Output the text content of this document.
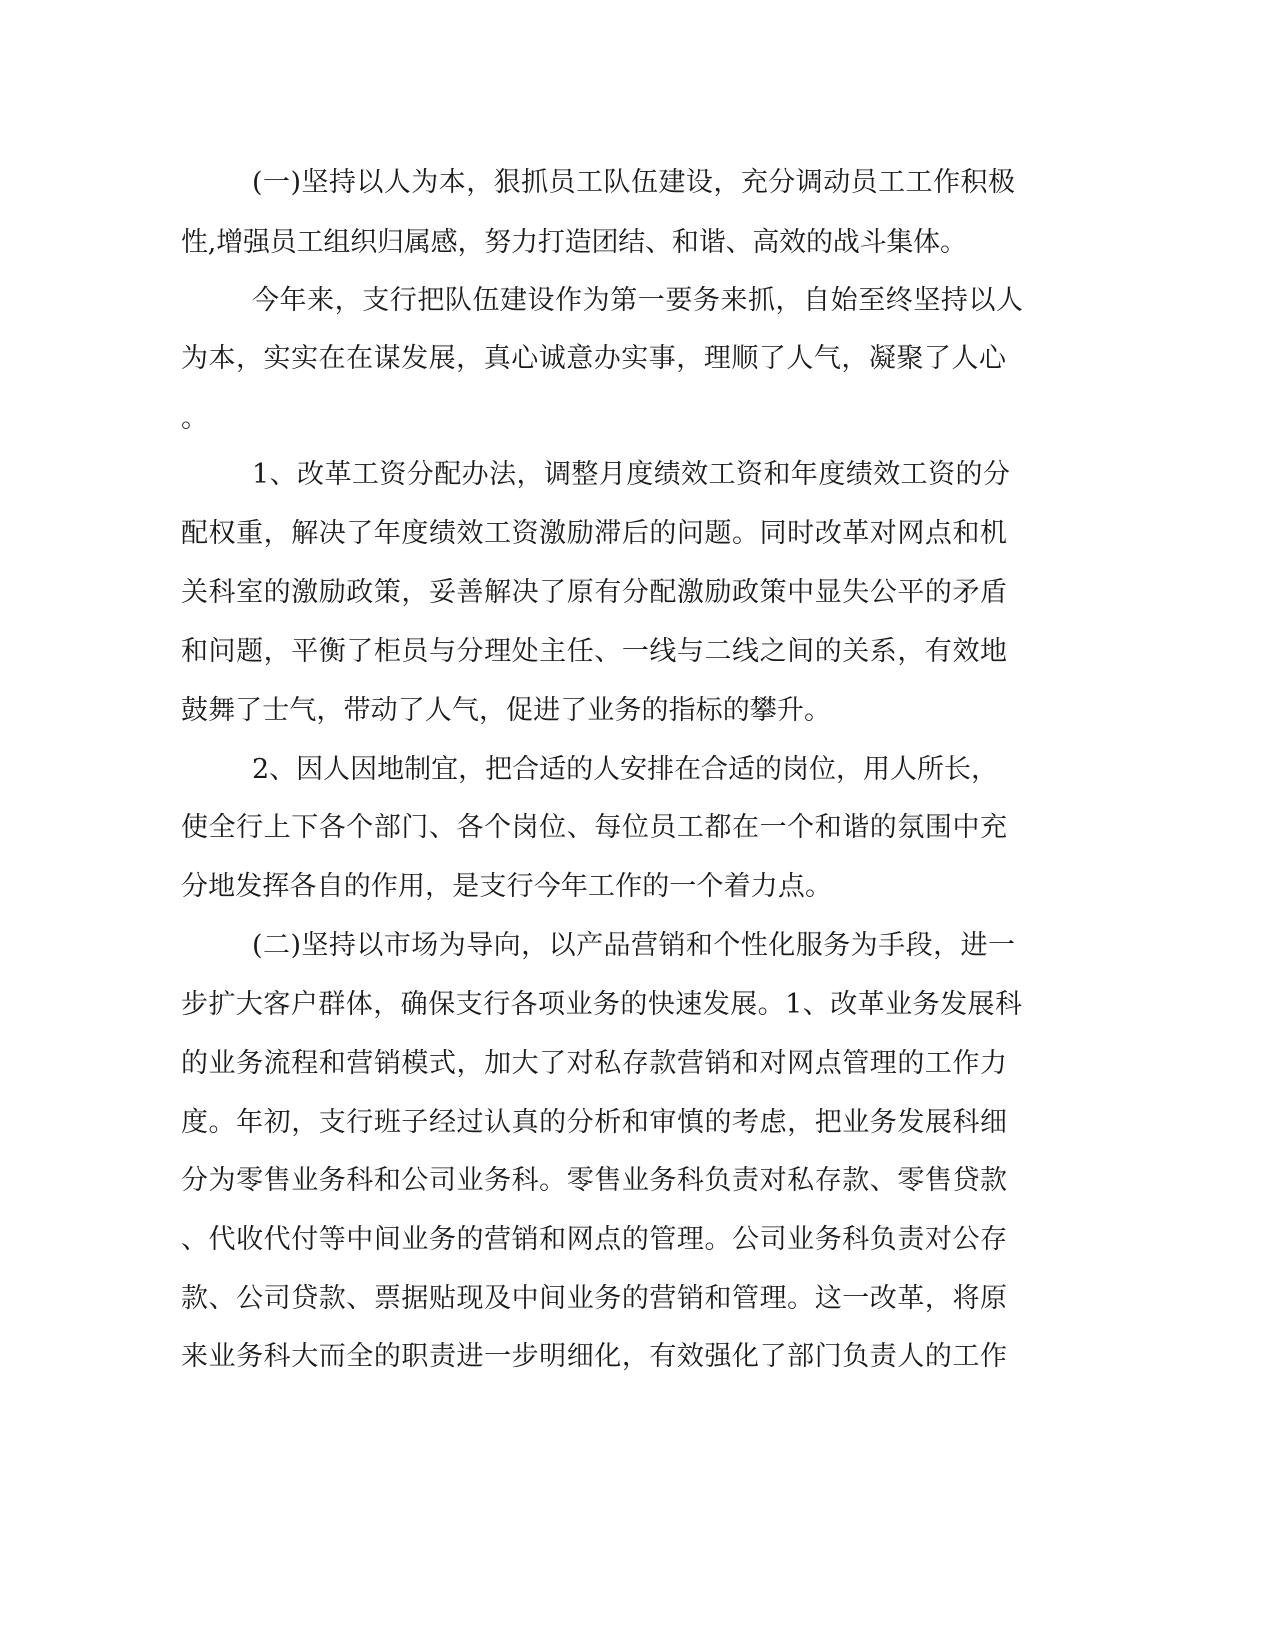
(一)坚持以人为本，狠抓员工队伍建设，充分调动员工工作积极
性,增强员工组织归属感，努力打造团结、和谐、高效的战斗集体。
今年来，支行把队伍建设作为第一要务来抓，自始至终坚持以人
为本，实实在在谋发展，真心诚意办实事，理顺了人气，凝聚了人心
。
1、改革工资分配办法，调整月度绩效工资和年度绩效工资的分
配权重，解决了年度绩效工资激励滞后的问题。同时改革对网点和机
关科室的激励政策，妥善解决了原有分配激励政策中显失公平的矛盾
和问题，平衡了柜员与分理处主任、一线与二线之间的关系，有效地
鼓舞了士气，带动了人气，促进了业务的指标的攀升。
2、因人因地制宜，把合适的人安排在合适的岗位，用人所长，
使全行上下各个部门、各个岗位、每位员工都在一个和谐的氛围中充
分地发挥各自的作用，是支行今年工作的一个着力点。
(二)坚持以市场为导向，以产品营销和个性化服务为手段，进一
步扩大客户群体，确保支行各项业务的快速发展。1、改革业务发展科
的业务流程和营销模式，加大了对私存款营销和对网点管理的工作力
度。年初，支行班子经过认真的分析和审慎的考虑，把业务发展科细
分为零售业务科和公司业务科。零售业务科负责对私存款、零售贷款
、代收代付等中间业务的营销和网点的管理。公司业务科负责对公存
款、公司贷款、票据贴现及中间业务的营销和管理。这一改革，将原
来业务科大而全的职责进一步明细化，有效强化了部门负责人的工作
